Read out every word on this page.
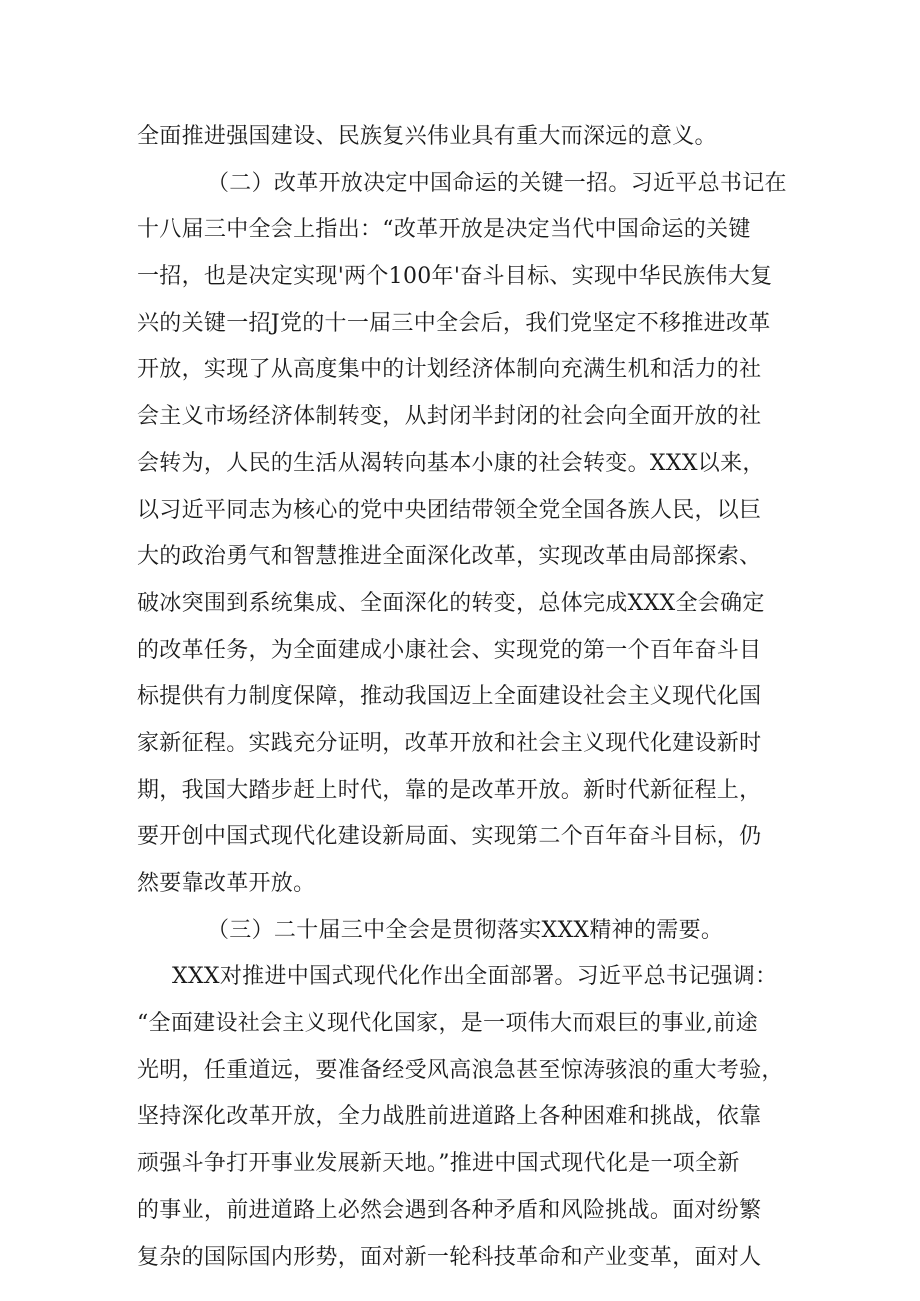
全面推进强国建设、民族复兴伟业具有重大而深远的意义。
（二）改革开放决定中国命运的关键一招。习近平总书记在
十八届三中全会上指出：“改革开放是决定当代中国命运的关键
一招，也是决定实现'两个100年'奋斗目标、实现中华民族伟大复
兴的关键一招J党的十一届三中全会后，我们党坚定不移推进改革
开放，实现了从高度集中的计划经济体制向充满生机和活力的社
会主义市场经济体制转变，从封闭半封闭的社会向全面开放的社
会转为，人民的生活从渴转向基本小康的社会转变。XXX以来，
以习近平同志为核心的党中央团结带领全党全国各族人民，以巨
大的政治勇气和智慧推进全面深化改革，实现改革由局部探索、
破冰突围到系统集成、全面深化的转变，总体完成XXX全会确定
的改革任务，为全面建成小康社会、实现党的第一个百年奋斗目
标提供有力制度保障，推动我国迈上全面建设社会主义现代化国
家新征程。实践充分证明，改革开放和社会主义现代化建设新时
期，我国大踏步赶上时代，靠的是改革开放。新时代新征程上，
要开创中国式现代化建设新局面、实现第二个百年奋斗目标，仍
然要靠改革开放。
（三）二十届三中全会是贯彻落实XXX精神的需要。
XXX对推进中国式现代化作出全面部署。习近平总书记强调：
“全面建设社会主义现代化国家，是一项伟大而艰巨的事业,前途
光明，任重道远，要准备经受风高浪急甚至惊涛骇浪的重大考验，
坚持深化改革开放，全力战胜前进道路上各种困难和挑战，依靠
顽强斗争打开事业发展新天地。”推进中国式现代化是一项全新
的事业，前进道路上必然会遇到各种矛盾和风险挑战。面对纷繁
复杂的国际国内形势，面对新一轮科技革命和产业变革，面对人
